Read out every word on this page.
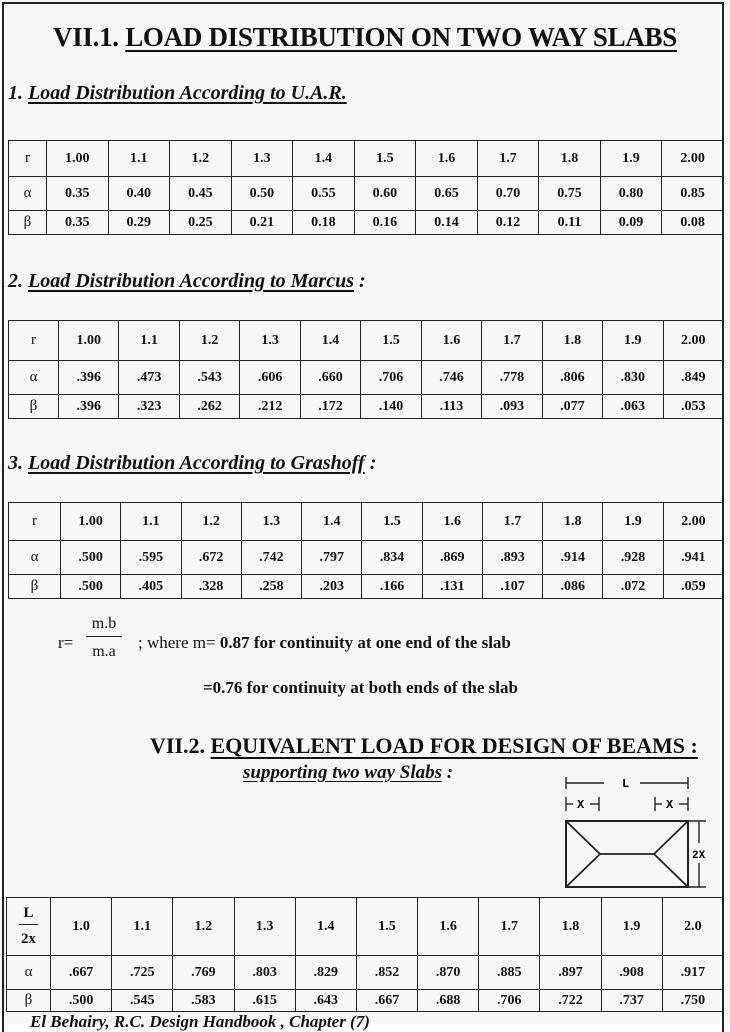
VII.1. LOAD DISTRIBUTION ON TWO WAY SLABS
1. Load Distribution According to U.A.R.
r	1.00	1.1	1.2	1.3	1.4	1.5	1.6	1.7	1.8	1.9	2.00
α	0.35	0.40	0.45	0.50	0.55	0.60	0.65	0.70	0.75	0.80	0.85
β	0.35	0.29	0.25	0.21	0.18	0.16	0.14	0.12	0.11	0.09	0.08
2. Load Distribution According to Marcus :
r	1.00	1.1	1.2	1.3	1.4	1.5	1.6	1.7	1.8	1.9	2.00
α	.396	.473	.543	.606	.660	.706	.746	.778	.806	.830	.849
β	.396	.323	.262	.212	.172	.140	.113	.093	.077	.063	.053
3. Load Distribution According to Grashoff :
r	1.00	1.1	1.2	1.3	1.4	1.5	1.6	1.7	1.8	1.9	2.00
α	.500	.595	.672	.742	.797	.834	.869	.893	.914	.928	.941
β	.500	.405	.328	.258	.203	.166	.131	.107	.086	.072	.059
$r= \frac{m.b}{m.a}$ ; where m= 0.87 for continuity at one end of the slab
=0.76 for continuity at both ends of the slab
VII.2. EQUIVALENT LOAD FOR DESIGN OF BEAMS :
supporting two way Slabs :
L
X	X
2X
$\frac{L}{2x}$	1.0	1.1	1.2	1.3	1.4	1.5	1.6	1.7	1.8	1.9	2.0
α	.667	.725	.769	.803	.829	.852	.870	.885	.897	.908	.917
β	.500	.545	.583	.615	.643	.667	.688	.706	.722	.737	.750
El Behairy, R.C. Design Handbook , Chapter (7)
